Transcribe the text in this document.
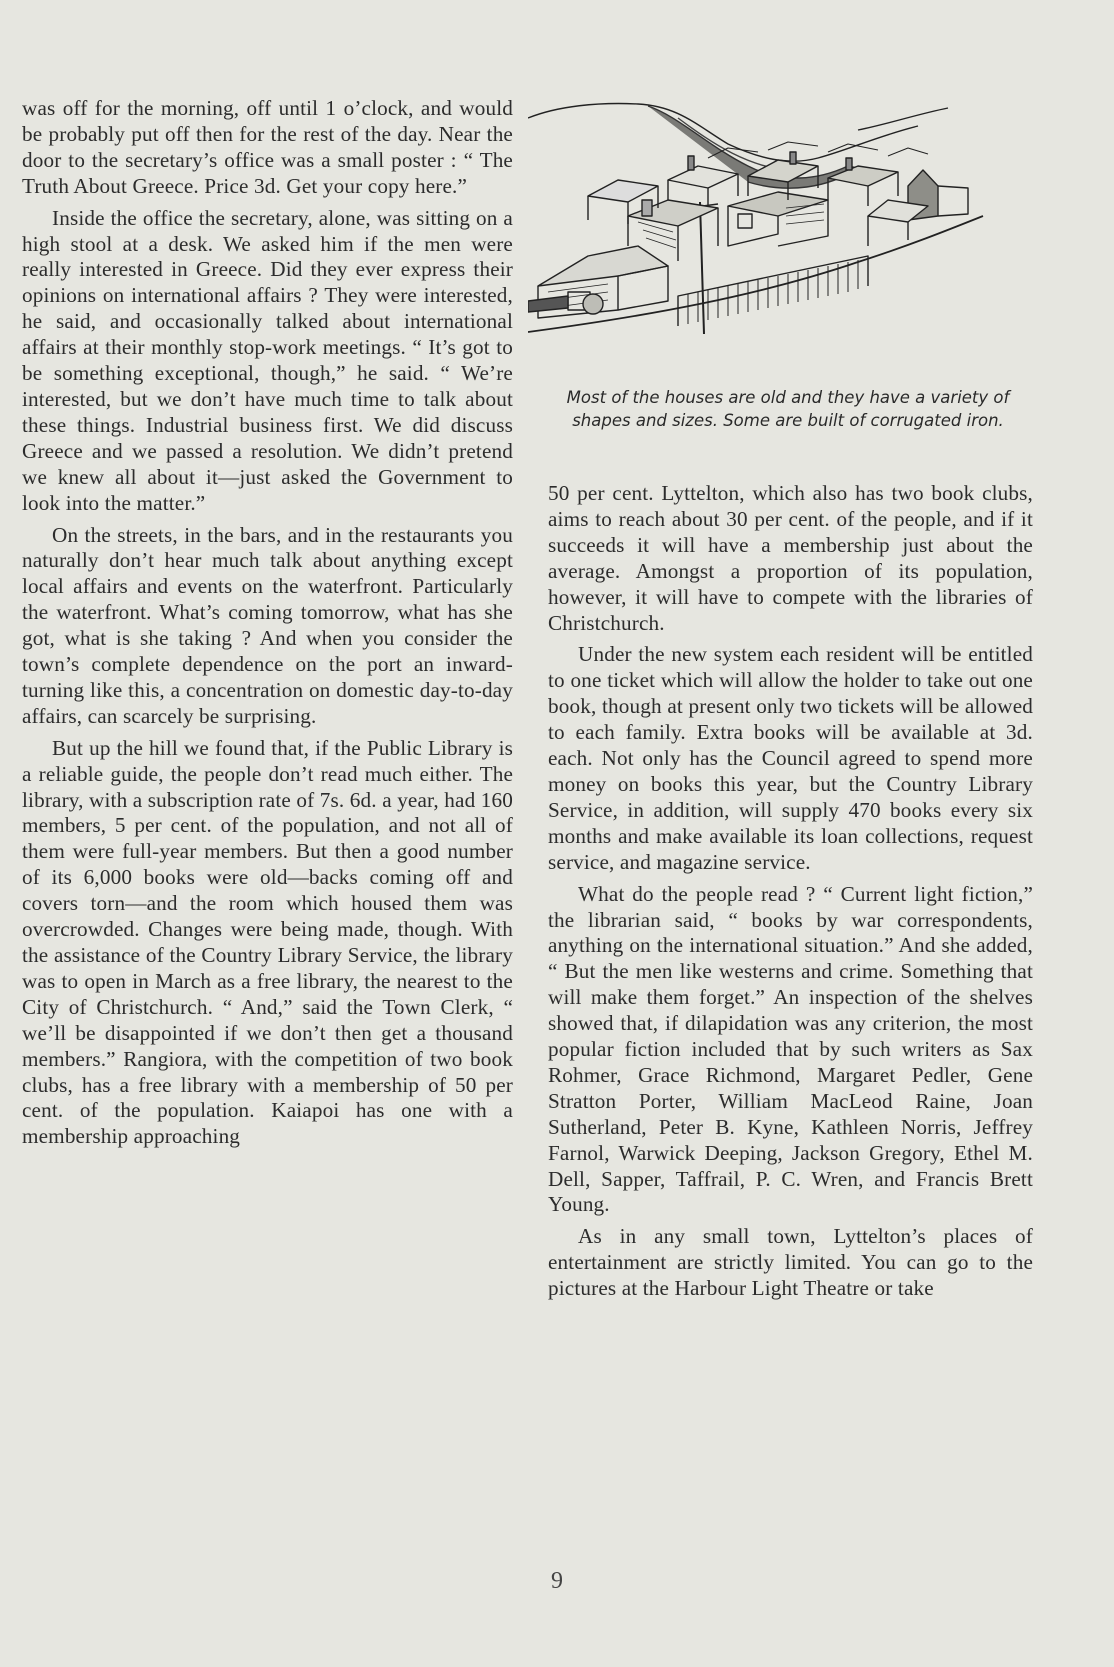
was off for the morning, off until 1 o’clock, and would be probably put off then for the rest of the day. Near the door to the secretary’s office was a small poster : “ The Truth About Greece. Price 3d. Get your copy here.”

Inside the office the secretary, alone, was sitting on a high stool at a desk. We asked him if the men were really interested in Greece. Did they ever express their opinions on international affairs ? They were interested, he said, and occasionally talked about international affairs at their monthly stop-work meetings. “ It’s got to be something exceptional, though,” he said. “ We’re interested, but we don’t have much time to talk about these things. Industrial business first. We did discuss Greece and we passed a resolution. We didn’t pretend we knew all about it—just asked the Government to look into the matter.”

On the streets, in the bars, and in the restaurants you naturally don’t hear much talk about anything except local affairs and events on the waterfront. Particularly the waterfront. What’s coming tomorrow, what has she got, what is she taking ? And when you consider the town’s complete dependence on the port an inward-turning like this, a concentration on domestic day-to-day affairs, can scarcely be surprising.

But up the hill we found that, if the Public Library is a reliable guide, the people don’t read much either. The library, with a subscription rate of 7s. 6d. a year, had 160 members, 5 per cent. of the population, and not all of them were full-year members. But then a good number of its 6,000 books were old—backs coming off and covers torn—and the room which housed them was overcrowded. Changes were being made, though. With the assistance of the Country Library Service, the library was to open in March as a free library, the nearest to the City of Christchurch. “ And,” said the Town Clerk, “ we’ll be disappointed if we don’t then get a thousand members.” Rangiora, with the competition of two book clubs, has a free library with a membership of 50 per cent. of the population. Kaiapoi has one with a membership approaching

Most of the houses are old and they have a variety of shapes and sizes. Some are built of corrugated iron.

50 per cent. Lyttelton, which also has two book clubs, aims to reach about 30 per cent. of the people, and if it succeeds it will have a membership just about the average. Amongst a proportion of its population, however, it will have to compete with the libraries of Christchurch.

Under the new system each resident will be entitled to one ticket which will allow the holder to take out one book, though at present only two tickets will be allowed to each family. Extra books will be available at 3d. each. Not only has the Council agreed to spend more money on books this year, but the Country Library Service, in addition, will supply 470 books every six months and make available its loan collections, request service, and magazine service.

What do the people read ? “ Current light fiction,” the librarian said, “ books by war correspondents, anything on the international situation.” And she added, “ But the men like westerns and crime. Something that will make them forget.” An inspection of the shelves showed that, if dilapidation was any criterion, the most popular fiction included that by such writers as Sax Rohmer, Grace Richmond, Margaret Pedler, Gene Stratton Porter, William MacLeod Raine, Joan Sutherland, Peter B. Kyne, Kathleen Norris, Jeffrey Farnol, Warwick Deeping, Jackson Gregory, Ethel M. Dell, Sapper, Taffrail, P. C. Wren, and Francis Brett Young.

As in any small town, Lyttelton’s places of entertainment are strictly limited. You can go to the pictures at the Harbour Light Theatre or take

9
